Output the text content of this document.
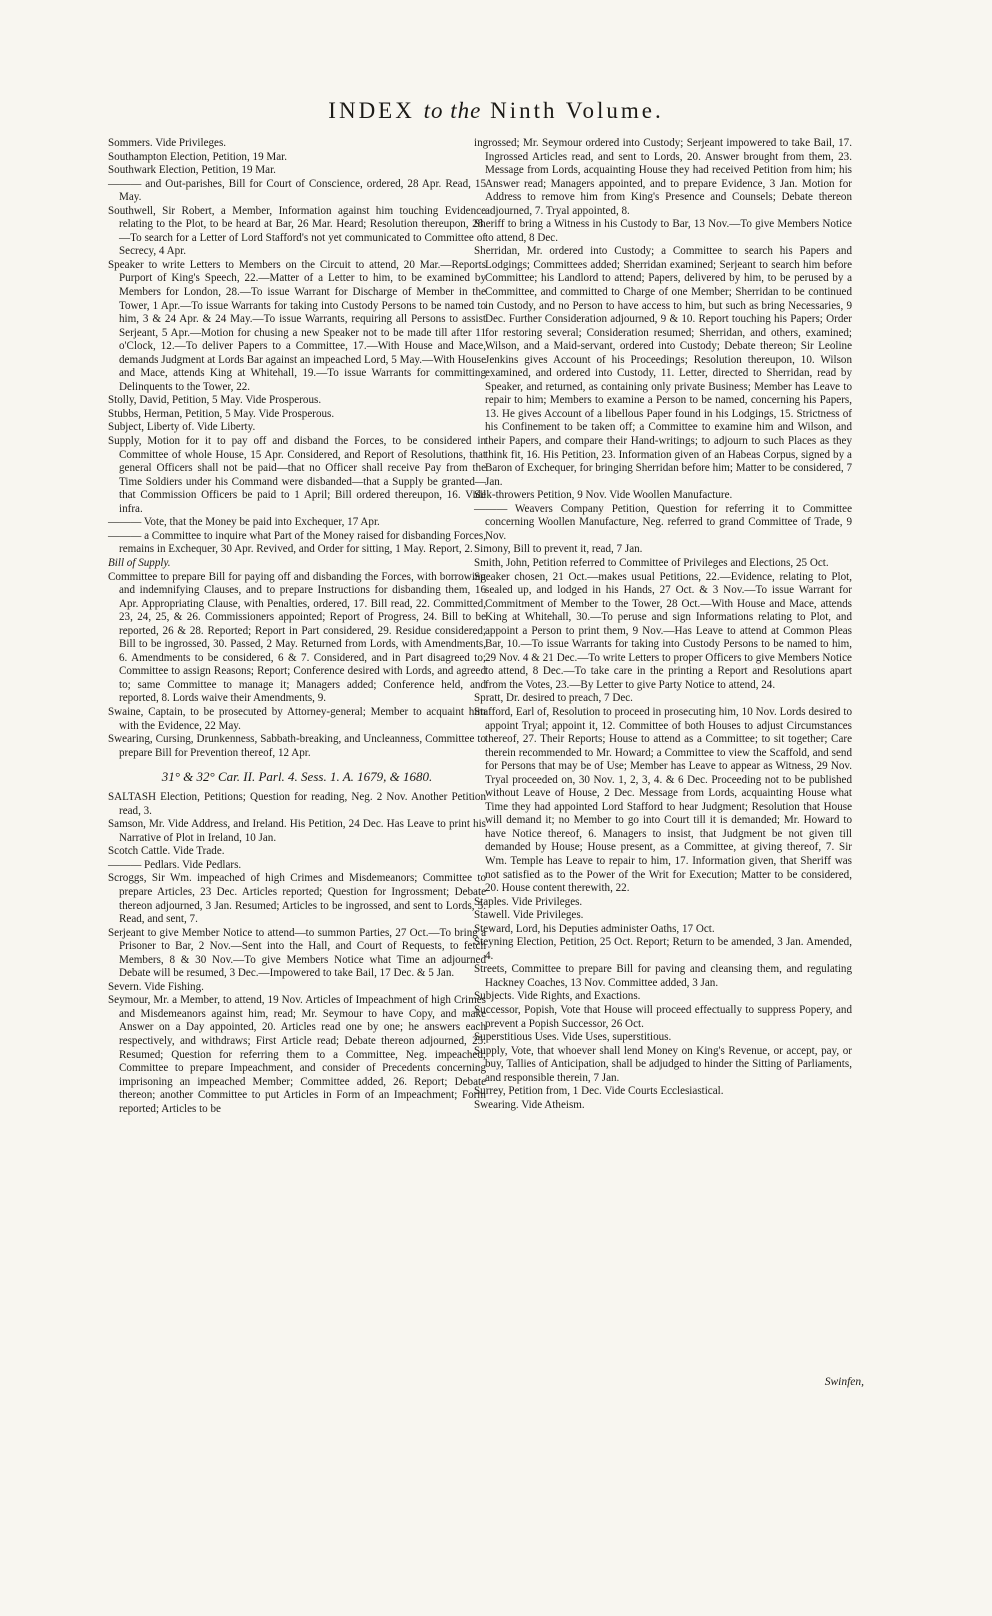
INDEX to the Ninth Volume.

Sommers. Vide Privileges.

Southampton Election, Petition, 19 Mar.

Southwark Election, Petition, 19 Mar.

——— and Out-parishes, Bill for Court of Conscience, ordered, 28 Apr. Read, 15 May.

Southwell, Sir Robert, a Member, Information against him touching Evidence relating to the Plot, to be heard at Bar, 26 Mar. Heard; Resolution thereupon, 28.—To search for a Letter of Lord Stafford's not yet communicated to Committee of Secrecy, 4 Apr.

Speaker to write Letters to Members on the Circuit to attend, 20 Mar.—Reports Purport of King's Speech, 22.—Matter of a Letter to him, to be examined by Members for London, 28.—To issue Warrant for Discharge of Member in the Tower, 1 Apr.—To issue Warrants for taking into Custody Persons to be named to him, 3 & 24 Apr. & 24 May.—To issue Warrants, requiring all Persons to assist Serjeant, 5 Apr.—Motion for chusing a new Speaker not to be made till after 11 o'Clock, 12.—To deliver Papers to a Committee, 17.—With House and Mace, demands Judgment at Lords Bar against an impeached Lord, 5 May.—With House and Mace, attends King at Whitehall, 19.—To issue Warrants for committing Delinquents to the Tower, 22.

Stolly, David, Petition, 5 May. Vide Prosperous.

Stubbs, Herman, Petition, 5 May. Vide Prosperous.

Subject, Liberty of. Vide Liberty.

Supply, Motion for it to pay off and disband the Forces, to be considered in Committee of whole House, 15 Apr. Considered, and Report of Resolutions, that general Officers shall not be paid—that no Officer shall receive Pay from the Time Soldiers under his Command were disbanded—that a Supply be granted—that Commission Officers be paid to 1 April; Bill ordered thereupon, 16. Vide infra.

——— Vote, that the Money be paid into Exchequer, 17 Apr.

——— a Committee to inquire what Part of the Money raised for disbanding Forces, remains in Exchequer, 30 Apr. Revived, and Order for sitting, 1 May. Report, 2.

Bill of Supply.

Committee to prepare Bill for paying off and disbanding the Forces, with borrowing and indemnifying Clauses, and to prepare Instructions for disbanding them, 16 Apr. Appropriating Clause, with Penalties, ordered, 17. Bill read, 22. Committed, 23, 24, 25, & 26. Commissioners appointed; Report of Progress, 24. Bill to be reported, 26 & 28. Reported; Report in Part considered, 29. Residue considered; Bill to be ingrossed, 30. Passed, 2 May. Returned from Lords, with Amendments, 6. Amendments to be considered, 6 & 7. Considered, and in Part disagreed to; Committee to assign Reasons; Report; Conference desired with Lords, and agreed to; same Committee to manage it; Managers added; Conference held, and reported, 8. Lords waive their Amendments, 9.

Swaine, Captain, to be prosecuted by Attorney-general; Member to acquaint him with the Evidence, 22 May.

Swearing, Cursing, Drunkenness, Sabbath-breaking, and Uncleanness, Committee to prepare Bill for Prevention thereof, 12 Apr.

31° & 32° Car. II. Parl. 4. Sess. 1. A. 1679, & 1680.

SALTASH Election, Petitions; Question for reading, Neg. 2 Nov. Another Petition read, 3.

Samson, Mr. Vide Address, and Ireland. His Petition, 24 Dec. Has Leave to print his Narrative of Plot in Ireland, 10 Jan.

Scotch Cattle. Vide Trade.

——— Pedlars. Vide Pedlars.

Scroggs, Sir Wm. impeached of high Crimes and Misdemeanors; Committee to prepare Articles, 23 Dec. Articles reported; Question for Ingrossment; Debate thereon adjourned, 3 Jan. Resumed; Articles to be ingrossed, and sent to Lords, 5. Read, and sent, 7.

Serjeant to give Member Notice to attend—to summon Parties, 27 Oct.—To bring a Prisoner to Bar, 2 Nov.—Sent into the Hall, and Court of Requests, to fetch Members, 8 & 30 Nov.—To give Members Notice what Time an adjourned Debate will be resumed, 3 Dec.—Impowered to take Bail, 17 Dec. & 5 Jan.

Severn. Vide Fishing.

Seymour, Mr. a Member, to attend, 19 Nov. Articles of Impeachment of high Crimes and Misdemeanors against him, read; Mr. Seymour to have Copy, and make Answer on a Day appointed, 20. Articles read one by one; he answers each respectively, and withdraws; First Article read; Debate thereon adjourned, 25. Resumed; Question for referring them to a Committee, Neg. impeached; Committee to prepare Impeachment, and consider of Precedents concerning imprisoning an impeached Member; Committee added, 26. Report; Debate thereon; another Committee to put Articles in Form of an Impeachment; Form reported; Articles to be

ingrossed; Mr. Seymour ordered into Custody; Serjeant impowered to take Bail, 17. Ingrossed Articles read, and sent to Lords, 20. Answer brought from them, 23. Message from Lords, acquainting House they had received Petition from him; his Answer read; Managers appointed, and to prepare Evidence, 3 Jan. Motion for Address to remove him from King's Presence and Counsels; Debate thereon adjourned, 7. Tryal appointed, 8.

Sheriff to bring a Witness in his Custody to Bar, 13 Nov.—To give Members Notice to attend, 8 Dec.

Sherridan, Mr. ordered into Custody; a Committee to search his Papers and Lodgings; Committees added; Sherridan examined; Serjeant to search him before Committee; his Landlord to attend; Papers, delivered by him, to be perused by a Committee, and committed to Charge of one Member; Sherridan to be continued in Custody, and no Person to have access to him, but such as bring Necessaries, 9 Dec. Further Consideration adjourned, 9 & 10. Report touching his Papers; Order for restoring several; Consideration resumed; Sherridan, and others, examined; Wilson, and a Maid-servant, ordered into Custody; Debate thereon; Sir Leoline Jenkins gives Account of his Proceedings; Resolution thereupon, 10. Wilson examined, and ordered into Custody, 11. Letter, directed to Sherridan, read by Speaker, and returned, as containing only private Business; Member has Leave to repair to him; Members to examine a Person to be named, concerning his Papers, 13. He gives Account of a libellous Paper found in his Lodgings, 15. Strictness of his Confinement to be taken off; a Committee to examine him and Wilson, and their Papers, and compare their Hand-writings; to adjourn to such Places as they think fit, 16. His Petition, 23. Information given of an Habeas Corpus, signed by a Baron of Exchequer, for bringing Sherridan before him; Matter to be considered, 7 Jan.

Silk-throwers Petition, 9 Nov. Vide Woollen Manufacture.

——— Weavers Company Petition, Question for referring it to Committee concerning Woollen Manufacture, Neg. referred to grand Committee of Trade, 9 Nov.

Simony, Bill to prevent it, read, 7 Jan.

Smith, John, Petition referred to Committee of Privileges and Elections, 25 Oct.

Speaker chosen, 21 Oct.—makes usual Petitions, 22.—Evidence, relating to Plot, sealed up, and lodged in his Hands, 27 Oct. & 3 Nov.—To issue Warrant for Commitment of Member to the Tower, 28 Oct.—With House and Mace, attends King at Whitehall, 30.—To peruse and sign Informations relating to Plot, and appoint a Person to print them, 9 Nov.—Has Leave to attend at Common Pleas Bar, 10.—To issue Warrants for taking into Custody Persons to be named to him, 29 Nov. 4 & 21 Dec.—To write Letters to proper Officers to give Members Notice to attend, 8 Dec.—To take care in the printing a Report and Resolutions apart from the Votes, 23.—By Letter to give Party Notice to attend, 24.

Spratt, Dr. desired to preach, 7 Dec.

Stafford, Earl of, Resolution to proceed in prosecuting him, 10 Nov. Lords desired to appoint Tryal; appoint it, 12. Committee of both Houses to adjust Circumstances thereof, 27. Their Reports; House to attend as a Committee; to sit together; Care therein recommended to Mr. Howard; a Committee to view the Scaffold, and send for Persons that may be of Use; Member has Leave to appear as Witness, 29 Nov. Tryal proceeded on, 30 Nov. 1, 2, 3, 4. & 6 Dec. Proceeding not to be published without Leave of House, 2 Dec. Message from Lords, acquainting House what Time they had appointed Lord Stafford to hear Judgment; Resolution that House will demand it; no Member to go into Court till it is demanded; Mr. Howard to have Notice thereof, 6. Managers to insist, that Judgment be not given till demanded by House; House present, as a Committee, at giving thereof, 7. Sir Wm. Temple has Leave to repair to him, 17. Information given, that Sheriff was not satisfied as to the Power of the Writ for Execution; Matter to be considered, 20. House content therewith, 22.

Staples. Vide Privileges.

Stawell. Vide Privileges.

Steward, Lord, his Deputies administer Oaths, 17 Oct.

Steyning Election, Petition, 25 Oct. Report; Return to be amended, 3 Jan. Amended, 4.

Streets, Committee to prepare Bill for paving and cleansing them, and regulating Hackney Coaches, 13 Nov. Committee added, 3 Jan.

Subjects. Vide Rights, and Exactions.

Successor, Popish, Vote that House will proceed effectually to suppress Popery, and prevent a Popish Successor, 26 Oct.

Superstitious Uses. Vide Uses, superstitious.

Supply, Vote, that whoever shall lend Money on King's Revenue, or accept, pay, or buy, Tallies of Anticipation, shall be adjudged to hinder the Sitting of Parliaments, and responsible therein, 7 Jan.

Surrey, Petition from, 1 Dec. Vide Courts Ecclesiastical.

Swearing. Vide Atheism.

Swinfen,
